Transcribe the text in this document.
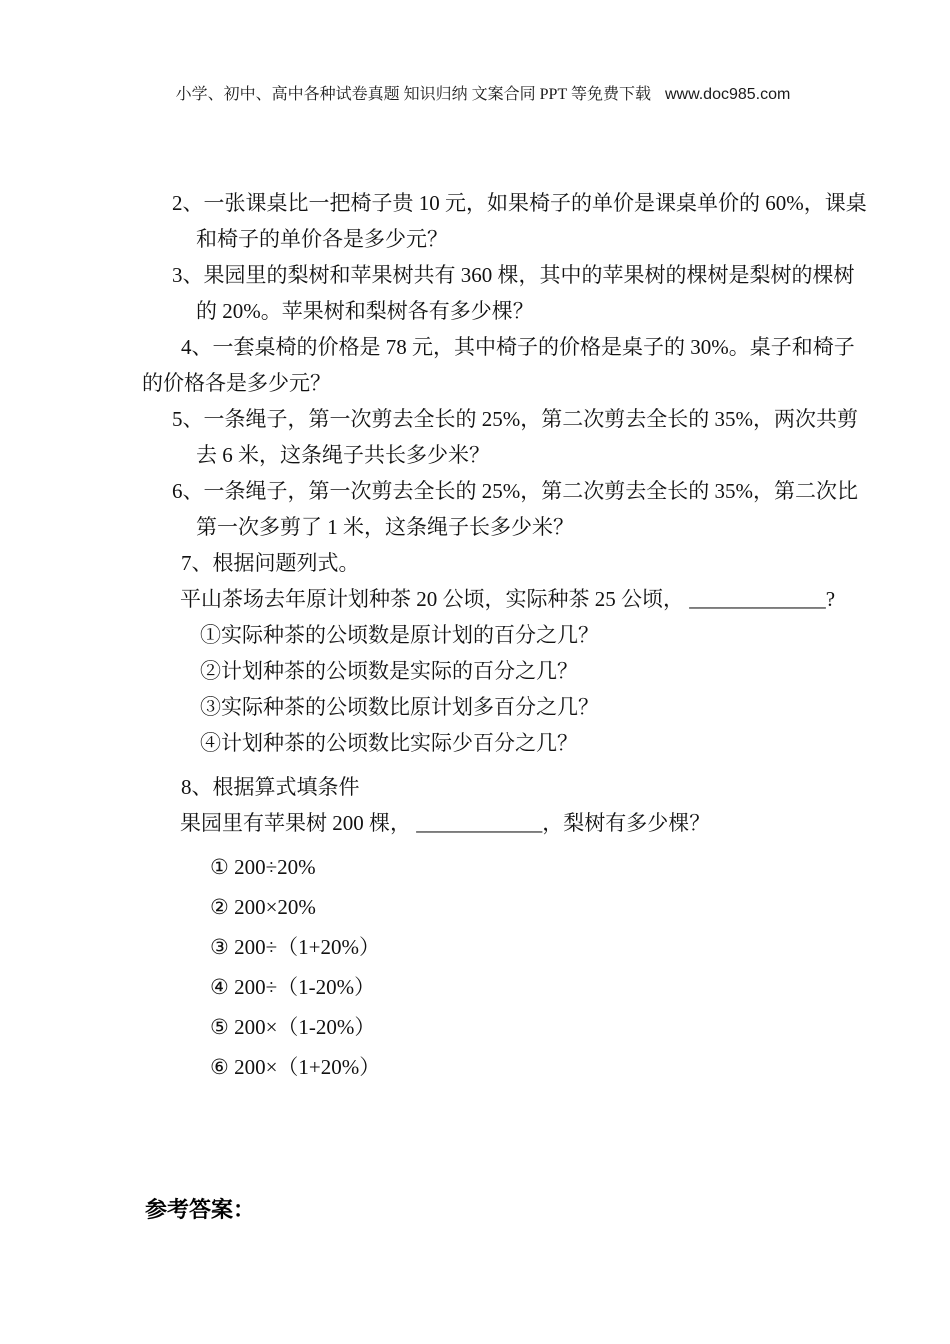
小学、初中、高中各种试卷真题 知识归纳 文案合同 PPT 等免费下载 www.doc985.com

2、一张课桌比一把椅子贵 10 元，如果椅子的单价是课桌单价的 60%，课桌
和椅子的单价各是多少元？
3、果园里的梨树和苹果树共有 360 棵，其中的苹果树的棵树是梨树的棵树
的 20%。苹果树和梨树各有多少棵？
4、一套桌椅的价格是 78 元，其中椅子的价格是桌子的 30%。桌子和椅子
的价格各是多少元？
5、一条绳子，第一次剪去全长的 25%，第二次剪去全长的 35%，两次共剪
去 6 米，这条绳子共长多少米？
6、一条绳子，第一次剪去全长的 25%，第二次剪去全长的 35%，第二次比
第一次多剪了 1 米，这条绳子长多少米？
7、根据问题列式。
平山茶场去年原计划种茶 20 公顷，实际种茶 25 公顷， _____________?
①实际种茶的公顷数是原计划的百分之几？
②计划种茶的公顷数是实际的百分之几？
③实际种茶的公顷数比原计划多百分之几？
④计划种茶的公顷数比实际少百分之几？
8、根据算式填条件
果园里有苹果树 200 棵， ____________，梨树有多少棵？
① 200÷20%
② 200×20%
③ 200÷（1+20%）
④ 200÷（1-20%）
⑤ 200×（1-20%）
⑥ 200×（1+20%）
参考答案：
